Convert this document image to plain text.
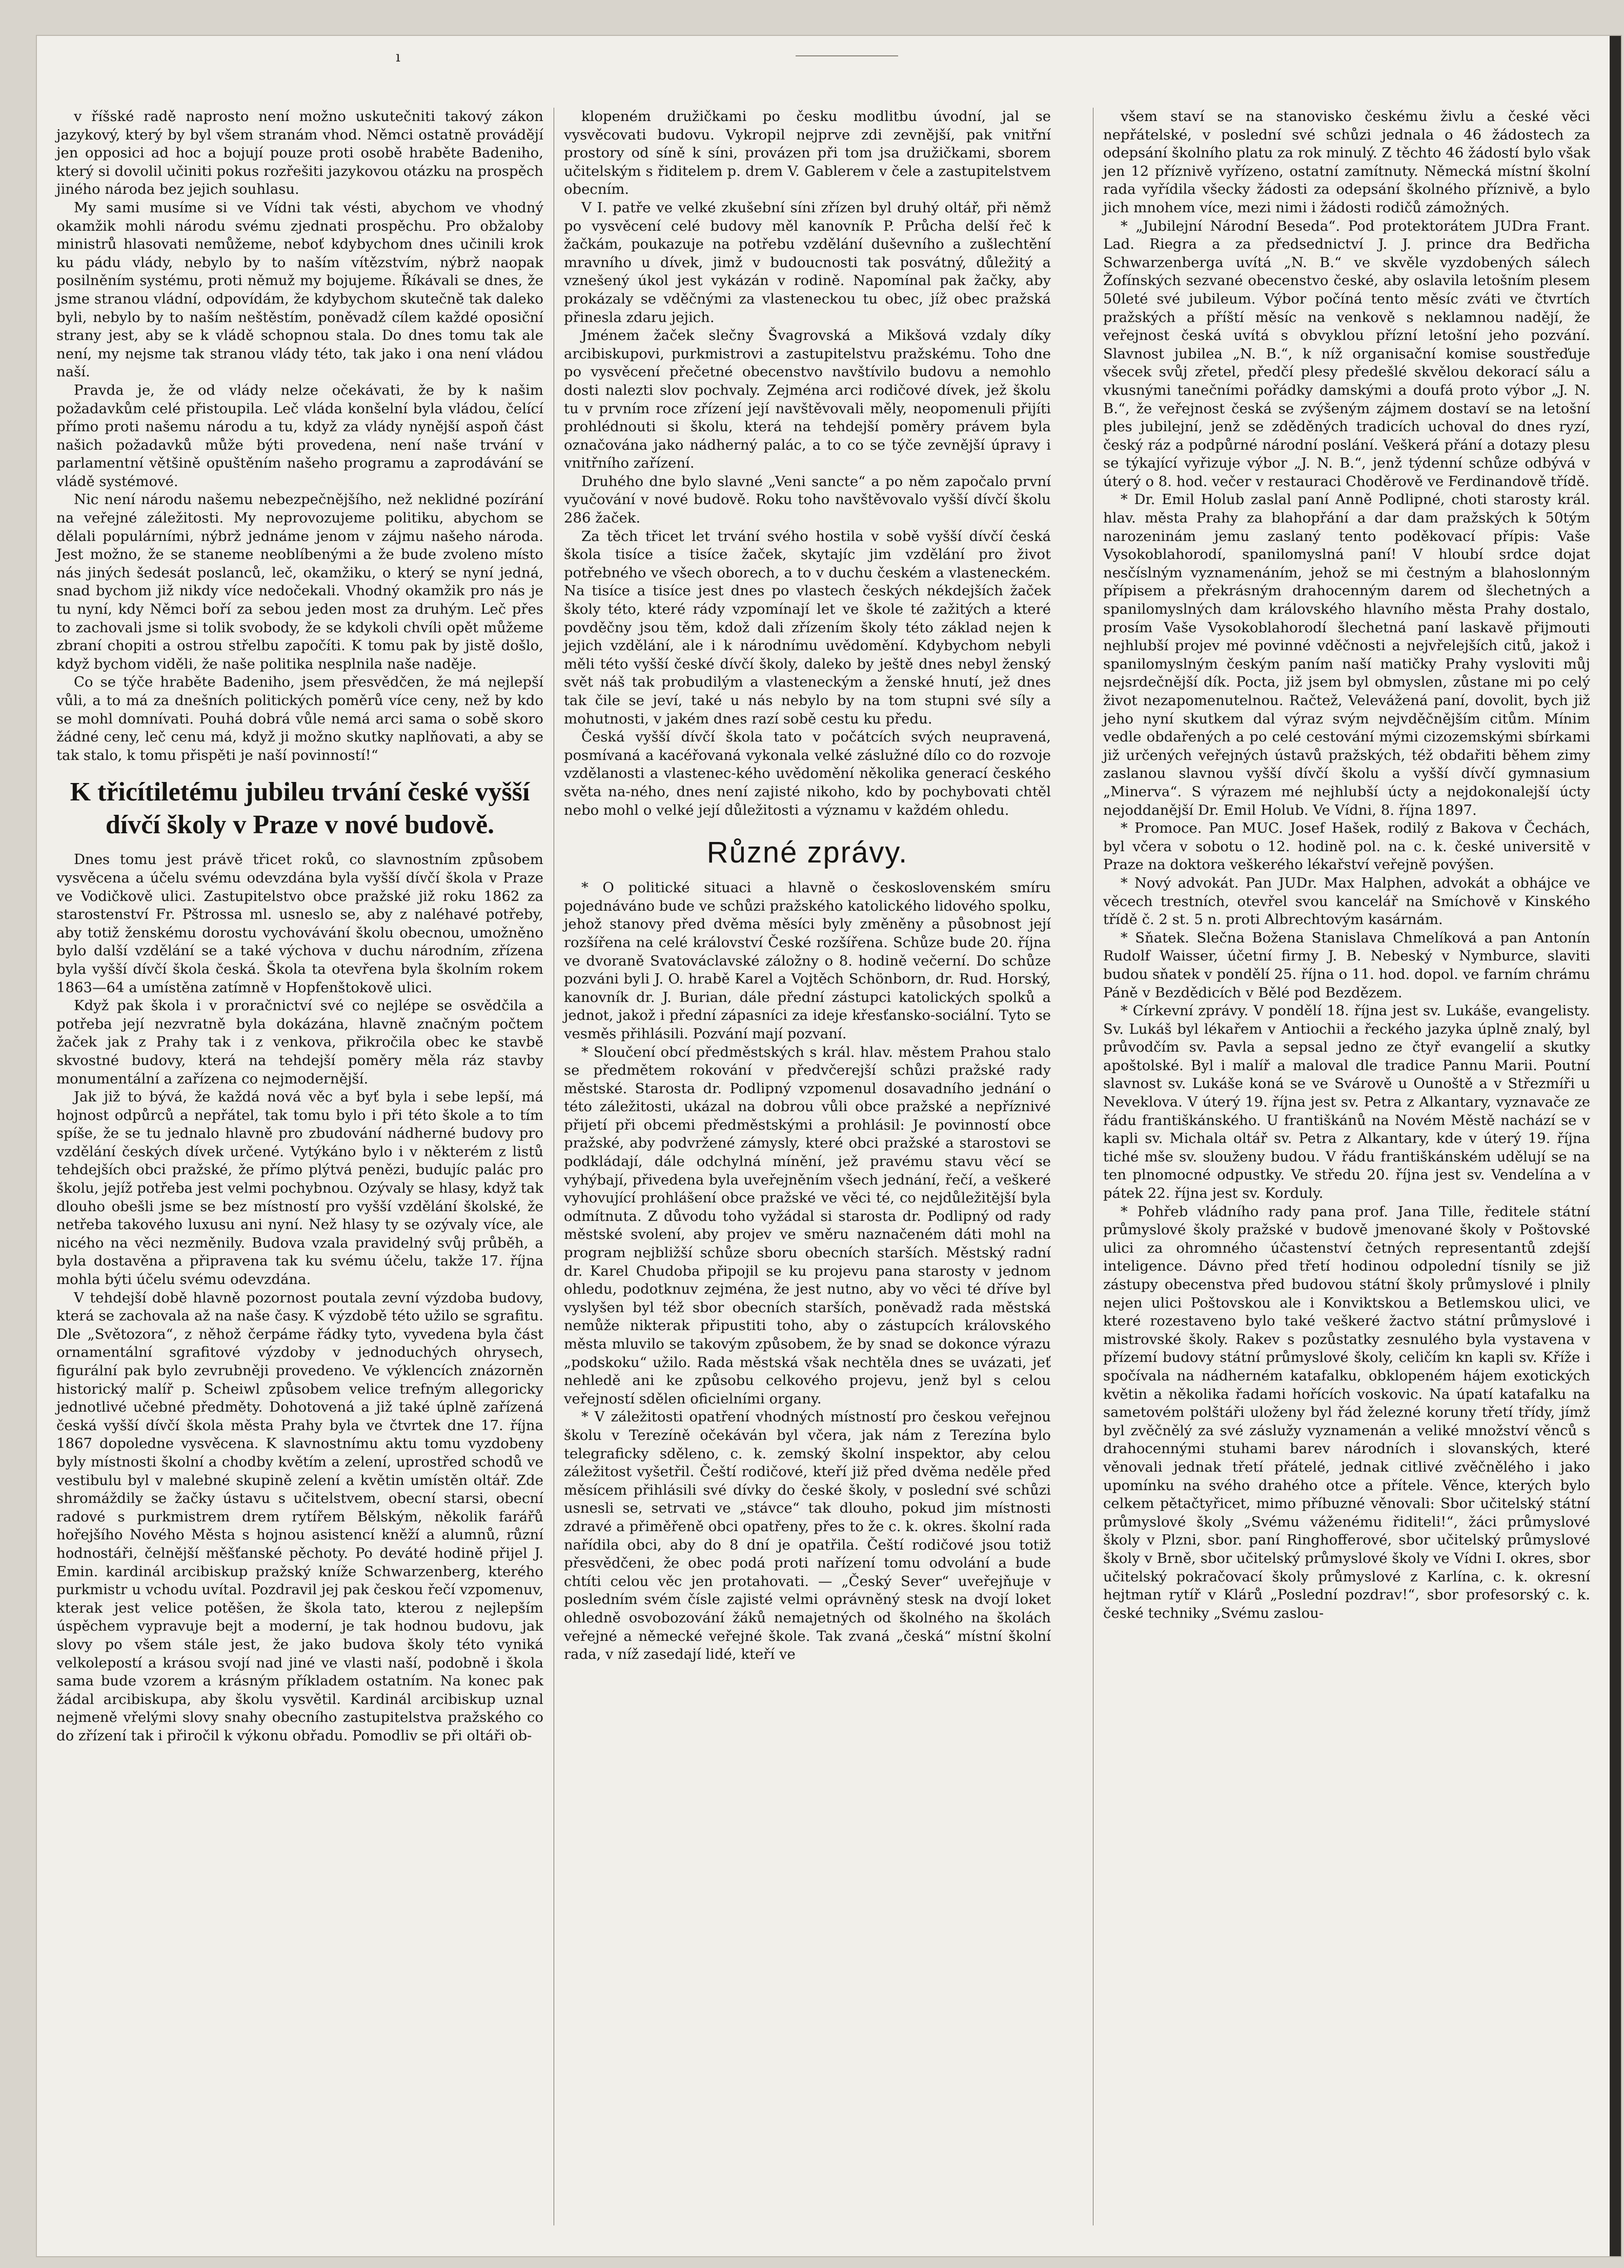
ı

v říšské radě naprosto není možno uskutečniti takový zákon jazykový, který by byl všem stranám vhod. Němci ostatně provádějí jen opposici ad hoc a bojují pouze proti osobě hraběte Badeniho, který si dovolil učiniti pokus rozřešiti jazykovou otázku na prospěch jiného národa bez jejich souhlasu.

My sami musíme si ve Vídni tak vésti, abychom ve vhodný okamžik mohli národu svému zjednati prospěchu. Pro obžaloby ministrů hlasovati nemůžeme, neboť kdybychom dnes učinili krok ku pádu vlády, nebylo by to naším vítězstvím, nýbrž naopak posilněním systému, proti němuž my bojujeme. Říkávali se dnes, že jsme stranou vládní, odpovídám, že kdybychom skutečně tak daleko byli, nebylo by to naším neštěstím, poněvadž cílem každé oposiční strany jest, aby se k vládě schopnou stala. Do dnes tomu tak ale není, my nejsme tak stranou vlády této, tak jako i ona není vládou naší.

Pravda je, že od vlády nelze očekávati, že by k našim požadavkům celé přistoupila. Leč vláda konšelní byla vládou, čelící přímo proti našemu národu a tu, když za vlády nynější aspoň část našich požadavků může býti provedena, není naše trvání v parlamentní většině opuštěním našeho programu a zaprodávání se vládě systémové.

Nic není národu našemu nebezpečnějšího, než neklidné pozírání na veřejné záležitosti. My neprovozujeme politiku, abychom se dělali populárními, nýbrž jednáme jenom v zájmu našeho národa. Jest možno, že se staneme neoblíbenými a že bude zvoleno místo nás jiných šedesát poslanců, leč, okamžiku, o který se nyní jedná, snad bychom již nikdy více nedočekali. Vhodný okamžik pro nás je tu nyní, kdy Němci boří za sebou jeden most za druhým. Leč přes to zachovali jsme si tolik svobody, že se kdykoli chvíli opět můžeme zbraní chopiti a ostrou střelbu započíti. K tomu pak by jistě došlo, když bychom viděli, že naše politika nesplnila naše naděje.

Co se týče hraběte Badeniho, jsem přesvědčen, že má nejlepší vůli, a to má za dnešních politických poměrů více ceny, než by kdo se mohl domnívati. Pouhá dobrá vůle nemá arci sama o sobě skoro žádné ceny, leč cenu má, když ji možno skutky naplňovati, a aby se tak stalo, k tomu přispěti je naší povinností!“

K třicítiletému jubileu trvání české vyšší dívčí školy v Praze v nové budově.

Dnes tomu jest právě třicet roků, co slavnostním způsobem vysvěcena a účelu svému odevzdána byla vyšší dívčí škola v Praze ve Vodičkově ulici. Zastupitelstvo obce pražské již roku 1862 za starostenství Fr. Pštrossa ml. usneslo se, aby z naléhavé potřeby, aby totiž ženskému dorostu vychovávání školu obecnou, umožněno bylo další vzdělání se a také výchova v duchu národním, zřízena byla vyšší dívčí škola česká. Škola ta otevřena byla školním rokem 1863—64 a umístěna zatímně v Hopfenštokově ulici.

Když pak škola i v proračnictví své co nejlépe se osvědčila a potřeba její nezvratně byla dokázána, hlavně značným počtem žaček jak z Prahy tak i z venkova, přikročila obec ke stavbě skvostné budovy, která na tehdejší poměry měla ráz stavby monumentální a zařízena co nejmodernější.

Jak již to bývá, že každá nová věc a byť byla i sebe lepší, má hojnost odpůrců a nepřátel, tak tomu bylo i při této škole a to tím spíše, že se tu jednalo hlavně pro zbudování nádherné budovy pro vzdělání českých dívek určené. Vytýkáno bylo i v některém z listů tehdejších obci pražské, že přímo plýtvá penězi, budujíc palác pro školu, jejíž potřeba jest velmi pochybnou. Ozývaly se hlasy, když tak dlouho obešli jsme se bez místností pro vyšší vzdělání školské, že netřeba takového luxusu ani nyní. Než hlasy ty se ozývaly více, ale nicého na věci nezměnily. Budova vzala pravidelný svůj průběh, a byla dostavěna a připravena tak ku svému účelu, takže 17. října mohla býti účelu svému odevzdána.

V tehdejší době hlavně pozornost poutala zevní výzdoba budovy, která se zachovala až na naše časy. K výzdobě této užilo se sgrafitu. Dle „Světozora“, z něhož čerpáme řádky tyto, vyvedena byla část ornamentální sgrafitové výzdoby v jednoduchých ohrysech, figurální pak bylo zevrubněji provedeno. Ve výklencích znázorněn historický malíř p. Scheiwl způsobem velice trefným allegoricky jednotlivé učebné předměty. Dohotovená a již také úplně zařízená česká vyšší dívčí škola města Prahy byla ve čtvrtek dne 17. října 1867 dopoledne vysvěcena. K slavnostnímu aktu tomu vyzdobeny byly místnosti školní a chodby květím a zelení, uprostřed schodů ve vestibulu byl v malebné skupině zelení a květin umístěn oltář. Zde shromáždily se žačky ústavu s učitelstvem, obecní starsi, obecní radové s purkmistrem drem rytířem Bělským, několik farářů hořejšího Nového Města s hojnou asistencí kněží a alumnů, různí hodnostáři, čelnější měšťanské pěchoty. Po deváté hodině přijel J. Emin. kardinál arcibiskup pražský kníže Schwarzenberg, kterého purkmistr u vchodu uvítal. Pozdravil jej pak českou řečí vzpomenuv, kterak jest velice potěšen, že škola tato, kterou z nejlepším úspěchem vypravuje bejt a moderní, je tak hodnou budovu, jak slovy po všem stále jest, že jako budova školy této vyniká velkolepostí a krásou svojí nad jiné ve vlasti naší, podobně i škola sama bude vzorem a krásným příkladem ostatním. Na konec pak žádal arcibiskupa, aby školu vysvětil. Kardinál arcibiskup uznal nejmeně vřelými slovy snahy obecního zastupitelstva pražského co do zřízení tak i přiročil k výkonu obřadu. Pomodliv se při oltáři ob-

klopeném družičkami po česku modlitbu úvodní, jal se vysvěcovati budovu. Vykropil nejprve zdi zevnější, pak vnitřní prostory od síně k síni, provázen při tom jsa družičkami, sborem učitelským s řiditelem p. drem V. Gablerem v čele a zastupitelstvem obecním.

V I. patře ve velké zkušební síni zřízen byl druhý oltář, při němž po vysvěcení celé budovy měl kanovník P. Průcha delší řeč k žačkám, poukazuje na potřebu vzdělání duševního a zušlechtění mravního u dívek, jimž v budoucnosti tak posvátný, důležitý a vznešený úkol jest vykázán v rodině. Napomínal pak žačky, aby prokázaly se vděčnými za vlasteneckou tu obec, jíž obec pražská přinesla zdaru jejich.

Jménem žaček slečny Švagrovská a Mikšová vzdaly díky arcibiskupovi, purkmistrovi a zastupitelstvu pražskému. Toho dne po vysvěcení přečetné obecenstvo navštívilo budovu a nemohlo dosti nalezti slov pochvaly. Zejména arci rodičové dívek, jež školu tu v prvním roce zřízení její navštěvovali měly, neopomenuli přijíti prohlédnouti si školu, která na tehdejší poměry právem byla označována jako nádherný palác, a to co se týče zevnější úpravy i vnitřního zařízení.

Druhého dne bylo slavné „Veni sancte“ a po něm započalo první vyučování v nové budově. Roku toho navštěvovalo vyšší dívčí školu 286 žaček.

Za těch třicet let trvání svého hostila v sobě vyšší dívčí česká škola tisíce a tisíce žaček, skytajíc jim vzdělání pro život potřebného ve všech oborech, a to v duchu českém a vlasteneckém. Na tisíce a tisíce jest dnes po vlastech českých nékdejších žaček školy této, které rády vzpomínají let ve škole té zažitých a které povděčny jsou těm, kdož dali zřízením školy této základ nejen k jejich vzdělání, ale i k národnímu uvědomění. Kdybychom nebyli měli této vyšší české dívčí školy, dalekо by ještě dnes nebyl ženský svět náš tak probudilým a vlasteneckým a ženské hnutí, jež dnes tak čile se jeví, také u nás nebylo by na tom stupni své síly a mohutnosti, v jakém dnes razí sobě cestu ku předu.

Česká vyšší dívčí škola tato v počátcích svých neupravená, posmívaná a kacéřovaná vykonala velké záslužné dílo co do rozvoje vzdělanosti a vlastenec-kého uvědomění několika generací českého světa na-ného, dnes není zajisté nikoho, kdo by pochybovati chtěl nebo mohl o velké její důležitosti a významu v každém ohledu.

Různé zprávy.

* O politické situaci a hlavně o československém smíru pojednáváno bude ve schůzi pražského katolického lidového spolku, jehož stanovy před dvěma měsíci byly změněny a působnost její rozšířena na celé království České rozšířena. Schůze bude 20. října ve dvoraně Svatováclavské záložny o 8. hodině večerní. Do schůze pozváni byli J. O. hrabě Karel a Vojtěch Schönborn, dr. Rud. Horský, kanovník dr. J. Burian, dále přední zástupci katolických spolků a jednot, jakož i přední zápasníci za ideje křesťansko-sociální. Tyto se vesměs přihlásili. Pozvání mají pozvaní.

* Sloučení obcí předměstských s král. hlav. městem Prahou stalo se předmětem rokování v předvčerejší schůzi pražské rady městské. Starosta dr. Podlipný vzpomenul dosavadního jednání o této záležitosti, ukázal na dobrou vůli obce pražské a nepříznivé přijetí při obcemi předměstskými a prohlásil: Je povinností obce pražské, aby podvržené zámysly, které obci pražské a starostovi se podkládají, dále odchylná mínění, jež pravému stavu věcí se vyhýbají, přivedena byla uveřejněním všech jednání, řečí, a veškeré vyhovující prohlášení obce pražské ve věci té, co nejdůležitější byla odmítnuta. Z důvodu toho vyžádal si starosta dr. Podlipný od rady městské svolení, aby projev ve směru naznačeném dáti mohl na program nejbližší schůze sboru obecních starších. Městský radní dr. Karel Chudoba připojil se ku projevu pana starosty v jednom ohledu, podotknuv zejména, že jest nutno, aby vo věci té dříve byl vyslyšen byl též sbor obecních starších, poněvadž rada městská nemůže nikterak připustiti toho, aby o zástupcích královského města mluvilo se takovým způsobem, že by snad se dokonce výrazu „podskoku“ užilo. Rada městská však nechtěla dnes se uvázati, jeť nehledě ani ke způsobu celkového projevu, jenž byl s celou veřejností sdělen oficielními organy.

* V záležitosti opatření vhodných místností pro českou veřejnou školu v Terezíně očekáván byl včera, jak nám z Terezína bylo telegraficky sděleno, c. k. zemský školní inspektor, aby celou záležitost vyšetřil. Čeští rodičové, kteří již před dvěma neděle před měsícem přihlásili své dívky do české školy, v poslední své schůzi usnesli se, setrvati ve „stávce“ tak dlouho, pokud jim místnosti zdravé a přiměřeně obci opatřeny, přes to že c. k. okres. školní rada nařídila obci, aby do 8 dní je opatřila. Čeští rodičové jsou totiž přesvědčeni, že obec podá proti nařízení tomu odvolání a bude chtíti celou věc jen protahovati. — „Český Sever“ uveřejňuje v posledním svém čísle zajisté velmi oprávněný stesk na dvojí loket ohledně osvobozování žáků nemajetných od školného na školách veřejné a německé veřejné škole. Tak zvaná „česká“ místní školní rada, v níž zasedají lidé, kteří ve

všem staví se na stanovisko českému živlu a české věci nepřátelské, v poslední své schůzi jednala o 46 žádostech za odepsání školního platu za rok minulý. Z těchto 46 žádostí bylo však jen 12 příznivě vyřízeno, ostatní zamítnuty. Německá místní školní rada vyřídila všecky žádosti za odepsání školného příznivě, a bylo jich mnohem více, mezi nimi i žádosti rodičů zámožných.

* „Jubilejní Národní Beseda“. Pod protektorátem JUDra Frant. Lad. Riegra a za předsednictví J. J. prince dra Bedřicha Schwarzenberga uvítá „N. B.“ ve skvěle vyzdobených sálech Žofínských sezvané obecenstvo české, aby oslavila letošním plesem 50leté své jubileum. Výbor počíná tento měsíc zváti ve čtvrtích pražských a příští měsíc na venkově s neklamnou nadějí, že veřejnost česká uvítá s obvyklou přízní letošní jeho pozvání. Slavnost jubilea „N. B.“, k níž organisační komise soustřeďuje všecek svůj zřetel, předčí plesy předešlé skvělou dekorací sálu a vkusnými tanečními pořádky damskými a doufá proto výbor „J. N. B.“, že veřejnost česká se zvýšeným zájmem dostaví se na letošní ples jubilejní, jenž se zděděných tradicích uchoval do dnes ryzí, český ráz a podpůrné národní poslání. Veškerá přání a dotazy plesu se týkající vyřizuje výbor „J. N. B.“, jenž týdenní schůze odbývá v úterý o 8. hod. večer v restauraci Choděrově ve Ferdinandově třídě.

* Dr. Emil Holub zaslal paní Anně Podlipné, choti starosty král. hlav. města Prahy za blahopřání a dar dam pražských k 50tým narozeninám jemu zaslaný tento poděkovací přípis: Vaše Vysokoblahorodí, spanilomyslná paní! V hloubí srdce dojat nesčíslným vyznamenáním, jehož se mi čestným a blahoslonným přípisem a překrásným drahocenným darem od šlechetných a spanilomyslných dam královského hlavního města Prahy dostalo, prosím Vaše Vysokoblahorodí šlechetná paní laskavě přijmouti nejhlubší projev mé povinné vděčnosti a nejvřelejších citů, jakož i spanilomyslným českým paním naší matičky Prahy vysloviti můj nejsrdečnější dík. Pocta, již jsem byl obmyslen, zůstane mi po celý život nezapomenutelnou. Račtež, Velevážená paní, dovolit, bych již jeho nyní skutkem dal výraz svým nejvděčnějším citům. Mínim vedle obdařených a po celé cestování mými cizozemskými sbírkami již určených veřejných ústavů pražských, též obdařiti během zimy zaslanou slavnou vyšší dívčí školu a vyšší dívčí gymnasium „Minerva“. S výrazem mé nejhlubší úcty a nejdokonalejší úcty nejoddanější Dr. Emil Holub. Ve Vídni, 8. října 1897.

* Promoce. Pan MUC. Josef Hašek, rodilý z Bakova v Čechách, byl včera v sobotu o 12. hodině pol. na c. k. české universitě v Praze na doktora veškerého lékařství veřejně povýšen.

* Nový advokát. Pan JUDr. Max Halphen, advokát a obhájce ve věcech trestních, otevřel svou kancelář na Smíchově v Kinského třídě č. 2 st. 5 n. proti Albrechtovým kasárnám.

* Sňatek. Slečna Božena Stanislava Chmelíková a pan Antonín Rudolf Waisser, účetní firmy J. B. Nebeský v Nymburce, slaviti budou sňatek v pondělí 25. října o 11. hod. dopol. ve farním chrámu Páně v Bezdědicích v Bělé pod Bezdězem.

* Církevní zprávy. V pondělí 18. října jest sv. Lukáše, evangelisty. Sv. Lukáš byl lékařem v Antiochii a řeckého jazyka úplně znalý, byl průvodčím sv. Pavla a sepsal jedno ze čtyř evangelií a skutky apoštolské. Byl i malíř a maloval dle tradice Pannu Marii. Poutní slavnost sv. Lukáše koná se ve Svárově u Ounoště a v Střezmíři u Neveklova. V úterý 19. října jest sv. Petra z Alkantary, vyznavače ze řádu františkánského. U františkánů na Novém Městě nachází se v kapli sv. Michala oltář sv. Petra z Alkantary, kde v úterý 19. října tiché mše sv. slouženy budou. V řádu františkánském udělují se na ten plnomocné odpustky. Ve středu 20. října jest sv. Vendelína a v pátek 22. října jest sv. Korduly.

* Pohřeb vládního rady pana prof. Jana Tille, ředitele státní průmyslové školy pražské v budově jmenované školy v Poštovské ulici za ohromného účastenství četných representantů zdejší inteligence. Dávno před třetí hodinou odpolední tísnily se již zástupy obecenstva před budovou státní školy průmyslové i plnily nejen ulici Poštovskou ale i Konviktskou a Betlemskou ulici, ve které rozestaveno bylo také veškeré žactvo státní průmyslové i mistrovské školy. Rakev s pozůstatky zesnulého byla vystavena v přízemí budovy státní průmyslové školy, celičím kn kapli sv. Kříže i spočívala na nádherném katafalku, obklopeném hájem exotických květin a několika řadami hořících voskovic. Na úpatí katafalku na sametovém polštáři uloženy byl řád železné koruny třetí třídy, jímž byl zvěčnělý za své záslužy vyznamenán a veliké množství věnců s drahocennými stuhami barev národních i slovanských, které věnovali jednak třetí přátelé, jednak citlivé zvěčnělého i jako upomínku na svého drahého otce a přítele. Věnce, kterých bylo celkem pětačtyřicet, mimo příbuzné věnovali: Sbor učitelský státní průmyslové školy „Svému váženému řiditeli!“, žáci průmyslové školy v Plzni, sbor. paní Ringhofferové, sbor učitelský průmyslové školy v Brně, sbor učitelský průmyslové školy ve Vídni I. okres, sbor učitelský pokračovací školy průmyslové z Karlína, c. k. okresní hejtman rytíř v Klárů „Poslední pozdrav!“, sbor profesorský c. k. české techniky „Svému zaslou-
